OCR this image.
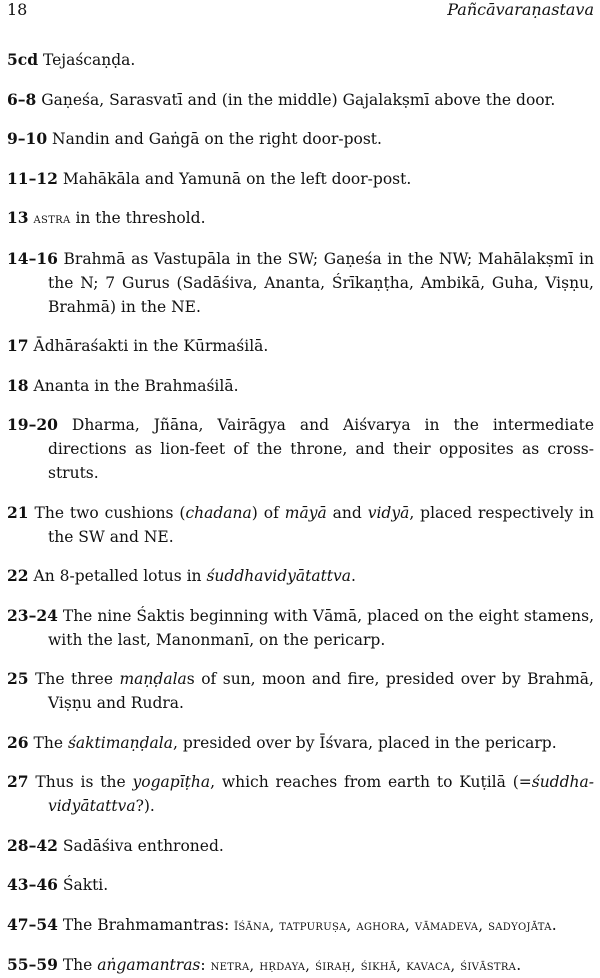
18	Pañcāvaraṇastava

5cd Tejaścaṇḍa.

6–8 Gaṇeśa, Sarasvatī and (in the middle) Gajalakṣmī above the door.

9–10 Nandin and Gaṅgā on the right door-post.

11–12 Mahākāla and Yamunā on the left door-post.

13 astra in the threshold.

14–16 Brahmā as Vastupāla in the SW; Gaṇeśa in the NW; Mahālakṣmī in the N; 7 Gurus (Sadāśiva, Ananta, Śrīkaṇṭha, Ambikā, Guha, Viṣṇu, Brahmā) in the NE.

17 Ādhāraśakti in the Kūrmaśilā.

18 Ananta in the Brahmaśilā.

19–20 Dharma, Jñāna, Vairāgya and Aiśvarya in the intermediate directions as lion-feet of the throne, and their opposites as cross-struts.

21 The two cushions (chadana) of māyā and vidyā, placed respectively in the SW and NE.

22 An 8-petalled lotus in śuddhavidyātattva.

23–24 The nine Śaktis beginning with Vāmā, placed on the eight stamens, with the last, Manonmanī, on the pericarp.

25 The three maṇḍalas of sun, moon and fire, presided over by Brahmā, Viṣṇu and Rudra.

26 The śaktimaṇḍala, presided over by Īśvara, placed in the pericarp.

27 Thus is the yogapīṭha, which reaches from earth to Kuṭilā (=śuddhavidyātattva?).

28–42 Sadāśiva enthroned.

43–46 Śakti.

47–54 The Brahmamantras: īśāna, tatpuruṣa, aghora, vāmadeva, sadyojāta.

55–59 The aṅgamantras: netra, hṛdaya, śiraḥ, śikhā, kavaca, śivāstra.
